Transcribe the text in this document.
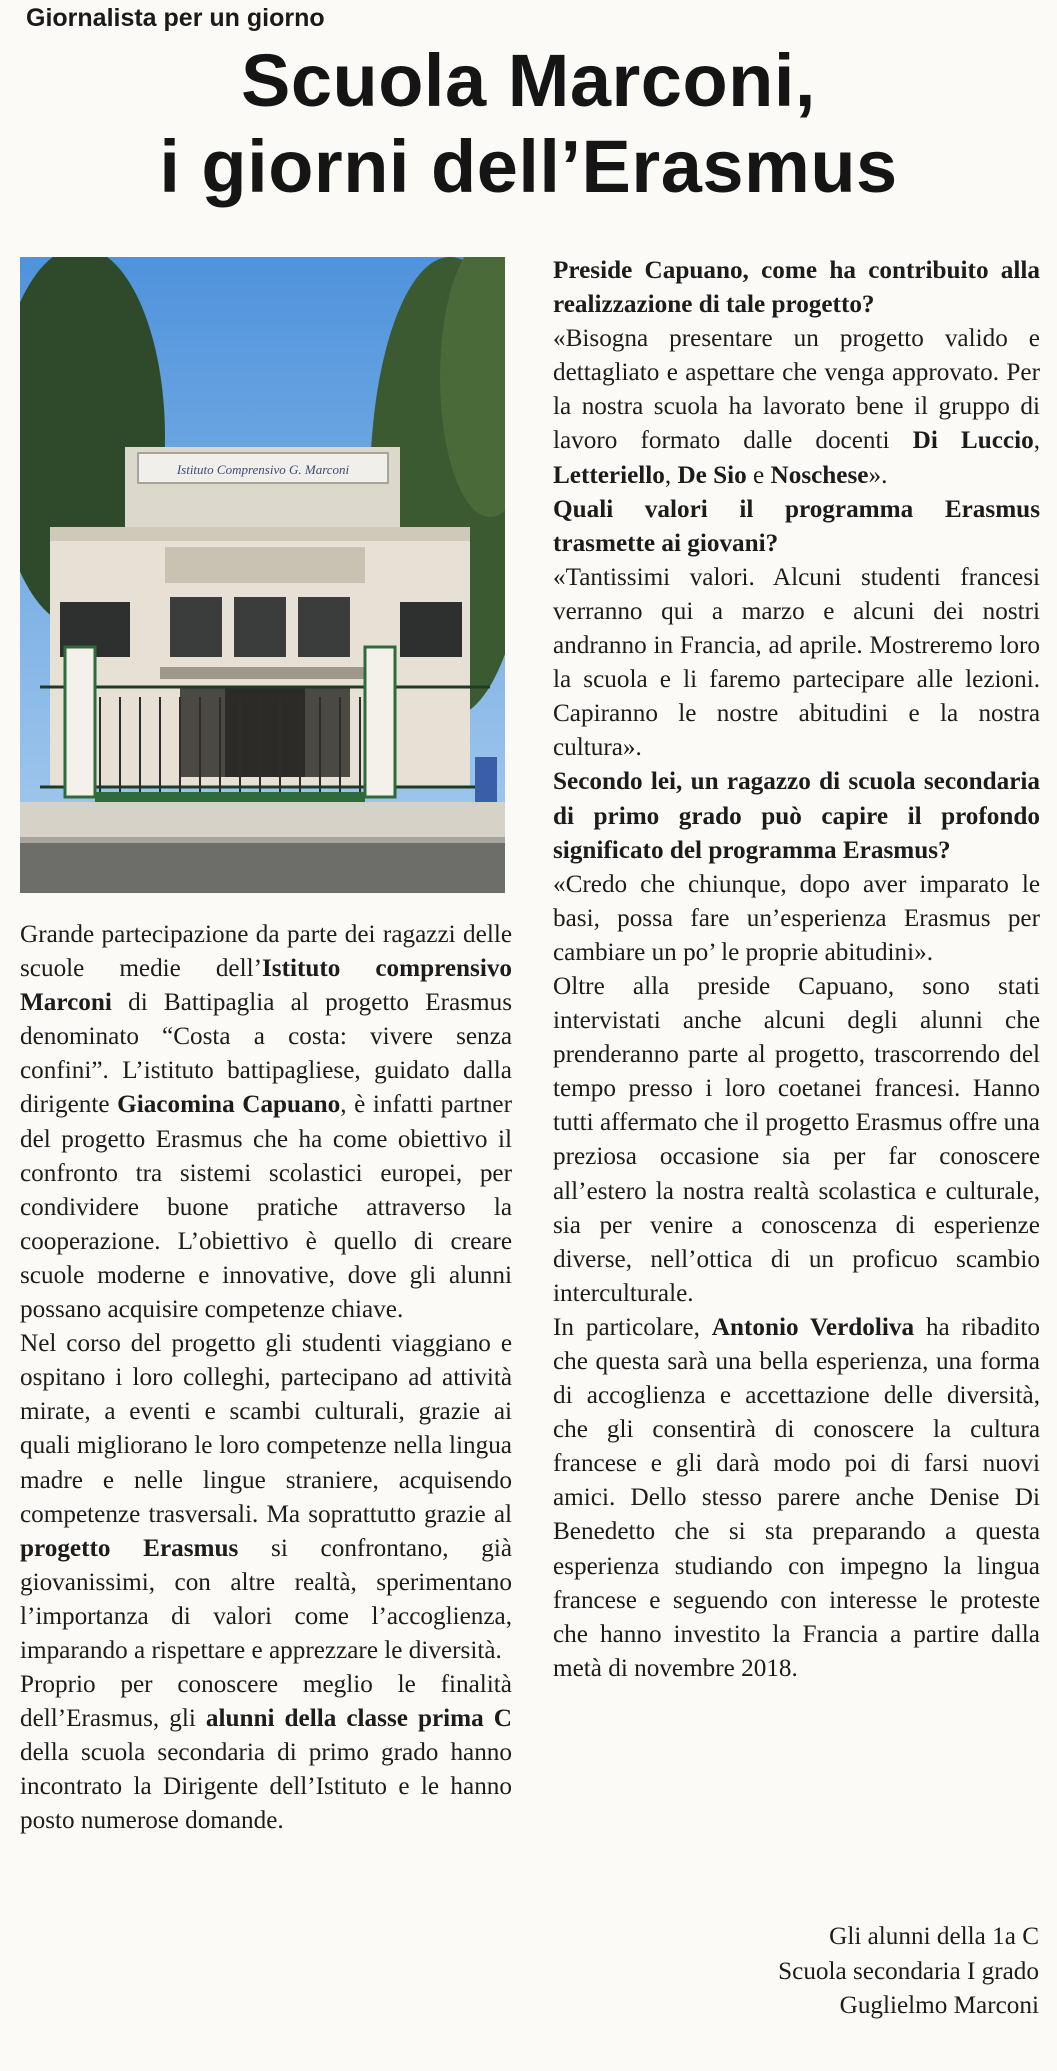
Giornalista per un giorno
Scuola Marconi,
i giorni dell’Erasmus
Istituto Comprensivo G. Marconi

Grande partecipazione da parte dei ragazzi delle scuole medie dell’Istituto comprensivo Marconi di Battipaglia al progetto Erasmus denominato “Costa a costa: vivere senza confini”. L’istituto battipagliese, guidato dalla dirigente Giacomina Capuano, è infatti partner del progetto Erasmus che ha come obiettivo il confronto tra sistemi scolastici europei, per condividere buone pratiche attraverso la cooperazione. L’obiettivo è quello di creare scuole moderne e innovative, dove gli alunni possano acquisire competenze chiave.

Nel corso del progetto gli studenti viaggiano e ospitano i loro colleghi, partecipano ad attività mirate, a eventi e scambi culturali, grazie ai quali migliorano le loro competenze nella lingua madre e nelle lingue straniere, acquisendo competenze trasversali. Ma soprattutto grazie al progetto Erasmus si confrontano, già giovanissimi, con altre realtà, sperimentano l’importanza di valori come l’accoglienza, imparando a rispettare e apprezzare le diversità.

Proprio per conoscere meglio le finalità dell’Erasmus, gli alunni della classe prima C della scuola secondaria di primo grado hanno incontrato la Dirigente dell’Istituto e le hanno posto numerose domande.

Preside Capuano, come ha contribuito alla realizzazione di tale progetto?

«Bisogna presentare un progetto valido e dettagliato e aspettare che venga approvato. Per la nostra scuola ha lavorato bene il gruppo di lavoro formato dalle docenti Di Luccio, Letteriello, De Sio e Noschese».

Quali valori il programma Erasmus trasmette ai giovani?

«Tantissimi valori. Alcuni studenti francesi verranno qui a marzo e alcuni dei nostri andranno in Francia, ad aprile. Mostreremo loro la scuola e li faremo partecipare alle lezioni. Capiranno le nostre abitudini e la nostra cultura».

Secondo lei, un ragazzo di scuola secondaria di primo grado può capire il profondo significato del programma Erasmus?

«Credo che chiunque, dopo aver imparato le basi, possa fare un’esperienza Erasmus per cambiare un po’ le proprie abitudini».

Oltre alla preside Capuano, sono stati intervistati anche alcuni degli alunni che prenderanno parte al progetto, trascorrendo del tempo presso i loro coetanei francesi. Hanno tutti affermato che il progetto Erasmus offre una preziosa occasione sia per far conoscere all’estero la nostra realtà scolastica e culturale, sia per venire a conoscenza di esperienze diverse, nell’ottica di un proficuo scambio interculturale.

In particolare, Antonio Verdoliva ha ribadito che questa sarà una bella esperienza, una forma di accoglienza e accettazione delle diversità, che gli consentirà di conoscere la cultura francese e gli darà modo poi di farsi nuovi amici. Dello stesso parere anche Denise Di Benedetto che si sta preparando a questa esperienza studiando con impegno la lingua francese e seguendo con interesse le proteste che hanno investito la Francia a partire dalla metà di novembre 2018.

Gli alunni della 1a C
Scuola secondaria I grado
Guglielmo Marconi
